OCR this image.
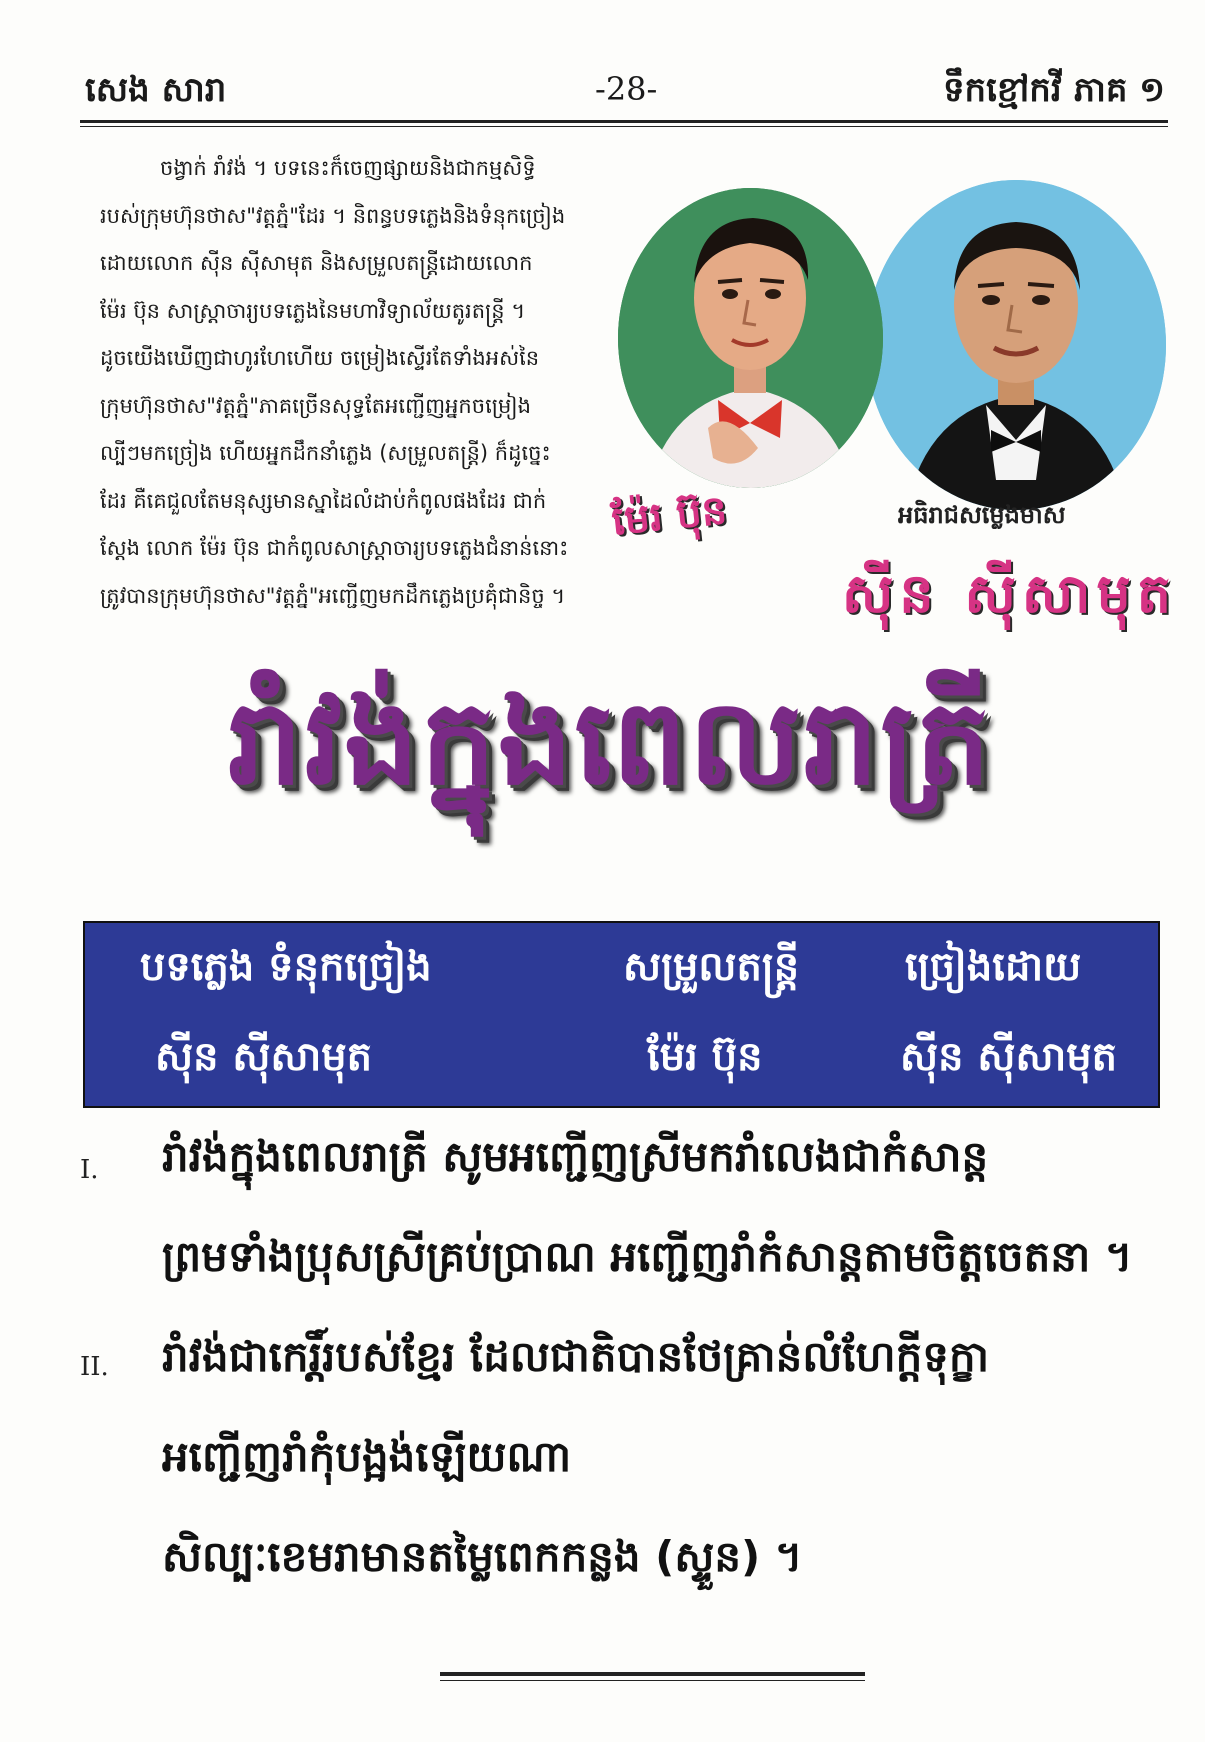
សេង សារា	-28-	ទឹកខ្មៅកវី ភាគ ១

ចង្វាក់ រាំវង់ ។ បទនេះក៏ចេញផ្សាយនិងជាកម្មសិទ្ធិ

របស់ក្រុមហ៊ុនថាស"វត្តភ្នំ"ដែរ ។ និពន្ធបទភ្លេងនិងទំនុកច្រៀង

ដោយលោក ស៊ីន ស៊ីសាមុត និងសម្រួលតន្ត្រីដោយលោក

ម៉ែរ ប៊ុន សាស្ត្រាចារ្យបទភ្លេងនៃមហាវិទ្យាល័យតូរតន្ត្រី ។

ដូចយើងឃើញជាហូរហែហើយ ចម្រៀងស្ទើរតែទាំងអស់នៃ

ក្រុមហ៊ុនថាស"វត្តភ្នំ"ភាគច្រើនសុទ្ធតែអញ្ជើញអ្នកចម្រៀង

ល្បីៗមកច្រៀង ហើយអ្នកដឹកនាំភ្លេង (សម្រួលតន្ត្រី) ក៏ដូច្នេះ

ដែរ គឺគេជួលតែមនុស្សមានស្នាដៃលំដាប់កំពូលផងដែរ ជាក់

ស្តែង លោក ម៉ែរ ប៊ុន ជាកំពូលសាស្ត្រាចារ្យបទភ្លេងជំនាន់នោះ

ត្រូវបានក្រុមហ៊ុនថាស"វត្តភ្នំ"អញ្ជើញមកដឹកភ្លេងប្រគុំជានិច្ច ។

ម៉ែរ ប៊ុន	អធិរាជសម្លេងមាស
ស៊ីន ស៊ីសាមុត
រាំវង់ក្នុងពេលរាត្រី
បទភ្លេង ទំនុកច្រៀង	សម្រួលតន្ត្រី	ច្រៀងដោយ
ស៊ីន ស៊ីសាមុត	ម៉ែរ ប៊ុន	ស៊ីន ស៊ីសាមុត
I. រាំវង់ក្នុងពេលរាត្រី សូមអញ្ជើញស្រីមករាំលេងជាកំសាន្ត
ព្រមទាំងប្រុសស្រីគ្រប់ប្រាណ អញ្ជើញរាំកំសាន្តតាមចិត្តចេតនា ។
II. រាំវង់ជាកេរ្តិ៍របស់ខ្មែរ ដែលជាតិបានថែគ្រាន់លំហែក្តីទុក្ខា
អញ្ជើញរាំកុំបង្អង់ឡើយណា
សិល្បៈខេមរាមានតម្លៃពេកកន្លង (ស្ទួន) ។
